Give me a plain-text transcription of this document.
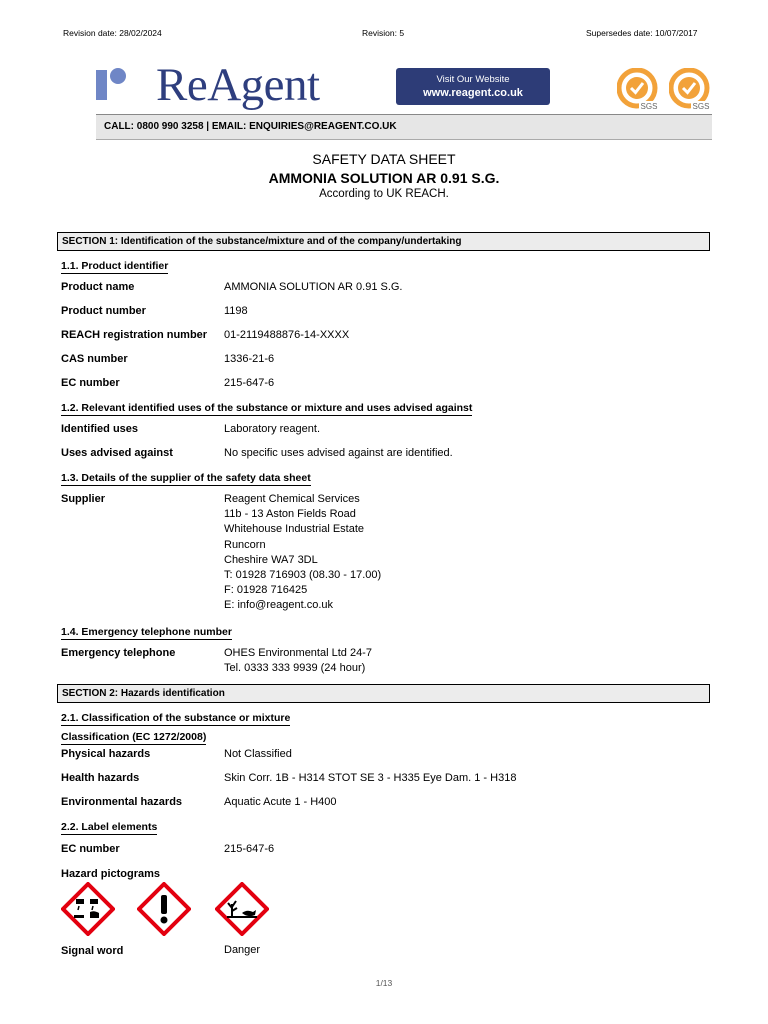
Revision date: 28/02/2024	Revision: 5	Supersedes date: 10/07/2017
ReAgent	Visit Our Website
www.reagent.co.uk
SGS	SGS
CALL: 0800 990 3258 | EMAIL: ENQUIRIES@REAGENT.CO.UK
SAFETY DATA SHEET
AMMONIA SOLUTION AR 0.91 S.G.
According to UK REACH.
SECTION 1: Identification of the substance/mixture and of the company/undertaking
1.1. Product identifier
Product name	AMMONIA SOLUTION AR 0.91 S.G.
Product number	1198
REACH registration number 01-2119488876-14-XXXX
CAS number	1336-21-6
EC number	215-647-6
1.2. Relevant identified uses of the substance or mixture and uses advised against
Identified uses	Laboratory reagent.
Uses advised against	No specific uses advised against are identified.
1.3. Details of the supplier of the safety data sheet
Supplier	Reagent Chemical Services
11b - 13 Aston Fields Road
Whitehouse Industrial Estate
Runcorn
Cheshire WA7 3DL
T: 01928 716903 (08.30 - 17.00)
F: 01928 716425
E: info@reagent.co.uk
1.4. Emergency telephone number
Emergency telephone	OHES Environmental Ltd 24-7
Tel. 0333 333 9939 (24 hour)
SECTION 2: Hazards identification
2.1. Classification of the substance or mixture
Classification (EC 1272/2008)
Physical hazards	Not Classified
Health hazards	Skin Corr. 1B - H314 STOT SE 3 - H335 Eye Dam. 1 - H318
Environmental hazards	Aquatic Acute 1 - H400
2.2. Label elements
EC number	215-647-6
Hazard pictograms
Signal word	Danger
1/13
